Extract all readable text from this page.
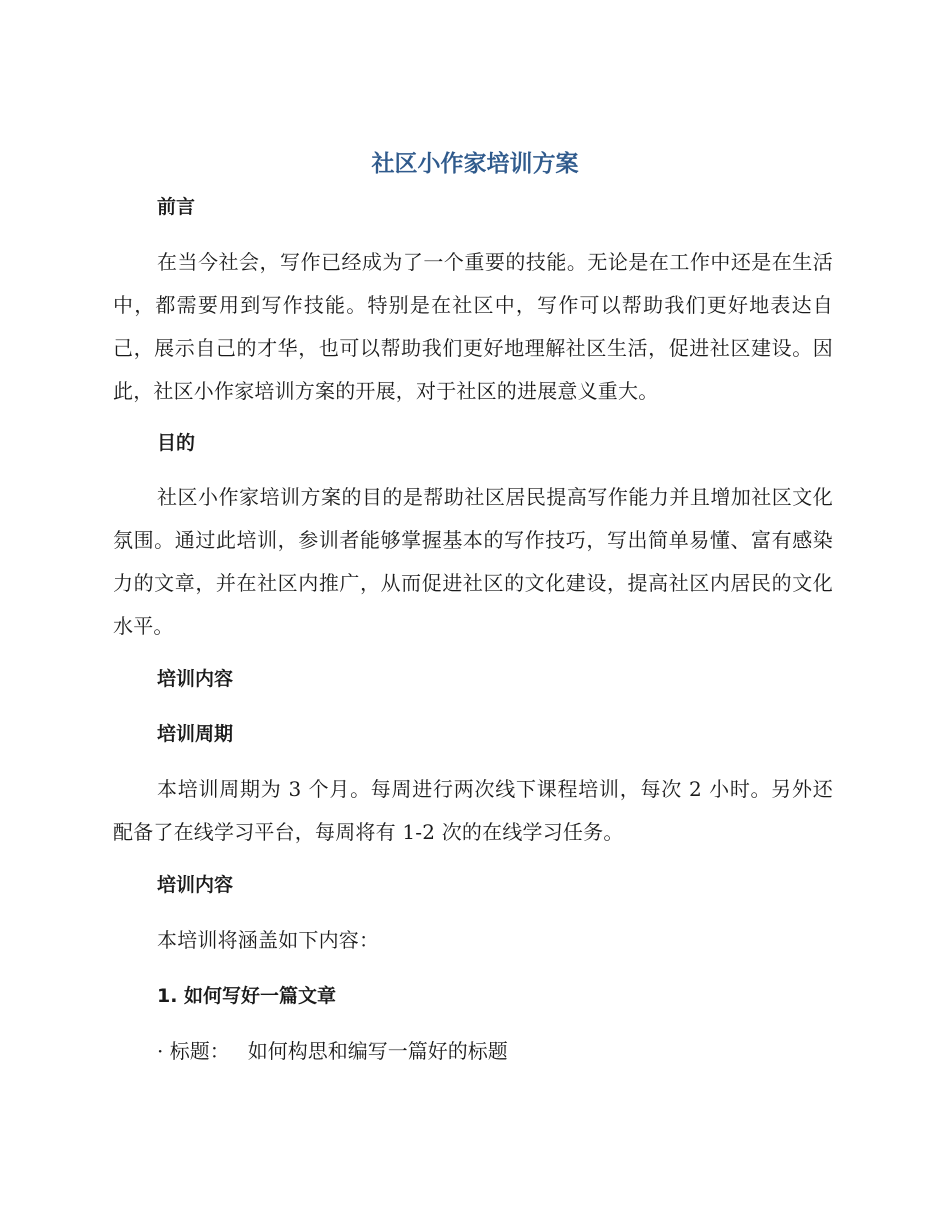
社区小作家培训方案
前言

在当今社会，写作已经成为了一个重要的技能。无论是在工作中还是在生活中，都需要用到写作技能。特别是在社区中，写作可以帮助我们更好地表达自己，展示自己的才华，也可以帮助我们更好地理解社区生活，促进社区建设。因此，社区小作家培训方案的开展，对于社区的进展意义重大。

目的

社区小作家培训方案的目的是帮助社区居民提高写作能力并且增加社区文化氛围。通过此培训，参训者能够掌握基本的写作技巧，写出简单易懂、富有感染力的文章，并在社区内推广，从而促进社区的文化建设，提高社区内居民的文化水平。

培训内容
培训周期

本培训周期为 3 个月。每周进行两次线下课程培训，每次 2 小时。另外还配备了在线学习平台，每周将有 1-2 次的在线学习任务。

培训内容

本培训将涵盖如下内容：

1. 如何写好一篇文章

· 标题： 如何构思和编写一篇好的标题
